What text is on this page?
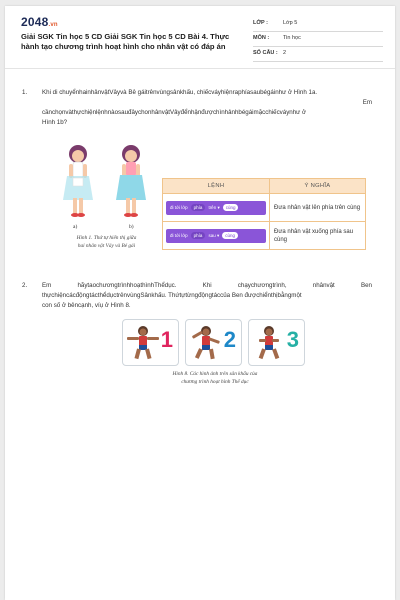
2048.vn
Giải SGK Tin học 5 CD Giải SGK Tin học 5 CD Bài 4. Thực hành tạo chương trình hoạt hình cho nhân vật có đáp án
LỚP :	Lớp 5
MÔN :	Tin học
SỐ CÂU : 2
1. Khi di chuyểnhainhânvậtVâyvà Bê gáitrênvùngsânkhấu, chiếcváyhiệnraphíasaubégáinhư ở Hình 1a.
Em
cầnchọnvàthựchiệnlệnhnàosauđâychonhânvậtVâyđểnhậnđượchìnhảnhbégáimặcchiếcváynhư ở
Hình 1b?
a)	b)
Hình 1. Thứ tự hiển thị giữa
hai nhân vật Váy và Bé gái
LỆNH	Ý NGHĨA

đi tới lớp phía trên ▾ cùng	Đưa nhân vật lên phía trên cùng

đi tới lớp phía sau ▾ cùng	Đưa nhân vật xuống phía sau cùng
2. Em	hãytaochươngtrìnhhoạthìnhThểdục.	Khi	chạychươngtrình,	nhânvật	Ben
thựchiệncácđộngtácthểdụctrênvùngSânkhấu. Thứtựtừngđộngtáccủa Ben đượchiểnthịbằngmột
con số ở bêncạnh, víụ ở Hình 8.
1 2 3
Hình 8. Các hình ảnh trên sân khấu của
chương trình hoạt hình Thể dục
